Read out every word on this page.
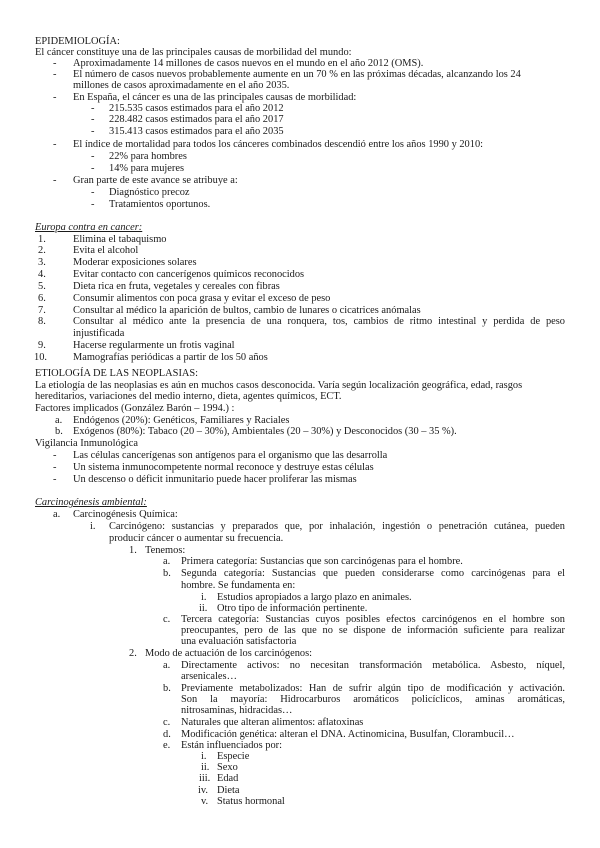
EPIDEMIOLOGÍA:
El cáncer constituye una de las principales causas de morbilidad del mundo:
- Aproximadamente 14 millones de casos nuevos en el mundo en el año 2012 (OMS).
- El número de casos nuevos probablemente aumente en un 70 % en las próximas décadas, alcanzando los 24
millones de casos aproximadamente en el año 2035.
- En España, el cáncer es una de las principales causas de morbilidad:
- 215.535 casos estimados para el año 2012
- 228.482 casos estimados para el año 2017
- 315.413 casos estimados para el año 2035
- El índice de mortalidad para todos los cánceres combinados descendió entre los años 1990 y 2010:
- 22% para hombres
- 14% para mujeres
- Gran parte de este avance se atribuye a:
- Diagnóstico precoz
- Tratamientos oportunos.
Europa contra en cancer:
1.	Elimina el tabaquismo
2.	Evita el alcohol
3.	Moderar exposiciones solares
4.	Evitar contacto con cancerígenos químicos reconocidos
5.	Dieta rica en fruta, vegetales y cereales con fibras
6.	Consumir alimentos con poca grasa y evitar el exceso de peso
7.	Consultar al médico la aparición de bultos, cambio de lunares o cicatrices anómalas
8.	Consultar al médico ante la presencia de una ronquera, tos, cambios de ritmo intestinal y perdida de peso
injustificada
9.	Hacerse regularmente un frotis vaginal
10.	Mamografías periódicas a partir de los 50 años
ETIOLOGÍA DE LAS NEOPLASIAS:
La etiología de las neoplasias es aún en muchos casos desconocida. Varía según localización geográfica, edad, rasgos
hereditarios, variaciones del medio interno, dieta, agentes químicos, ECT.
Factores implicados (González Barón – 1994.) :
a. Endógenos (20%): Genéticos, Familiares y Raciales
b. Exógenos (80%): Tabaco (20 – 30%), Ambientales (20 – 30%) y Desconocidos (30 – 35 %).
Vigilancia Inmunológica
- Las células cancerígenas son antígenos para el organismo que las desarrolla
- Un sistema inmunocompetente normal reconoce y destruye estas células
- Un descenso o déficit inmunitario puede hacer proliferar las mismas
Carcinogénesis ambiental:
a. Carcinogénesis Química:
i. Carcinógeno: sustancias y preparados que, por inhalación, ingestión o penetración cutánea, pueden
producir cáncer o aumentar su frecuencia.
1. Tenemos:
a. Primera categoría: Sustancias que son carcinógenas para el hombre.
b. Segunda categoría: Sustancias que pueden considerarse como carcinógenas para el
hombre. Se fundamenta en:
i. Estudios apropiados a largo plazo en animales.
ii. Otro tipo de información pertinente.
c. Tercera categoría: Sustancias cuyos posibles efectos carcinógenos en el hombre son
preocupantes, pero de las que no se dispone de información suficiente para realizar
una evaluación satisfactoria
2. Modo de actuación de los carcinógenos:
a. Directamente activos: no necesitan transformación metabólica. Asbesto, níquel,
arsenicales…
b. Previamente metabolizados: Han de sufrir algún tipo de modificación y activación.
Son la mayoría: Hidrocarburos aromáticos policíclicos, aminas aromáticas,
nitrosaminas, hidracidas…
c. Naturales que alteran alimentos: aflatoxinas
d. Modificación genética: alteran el DNA. Actinomicina, Busulfan, Clorambucil…
e. Están influenciados por:
i. Especie
ii. Sexo
iii. Edad
iv. Dieta
v. Status hormonal
